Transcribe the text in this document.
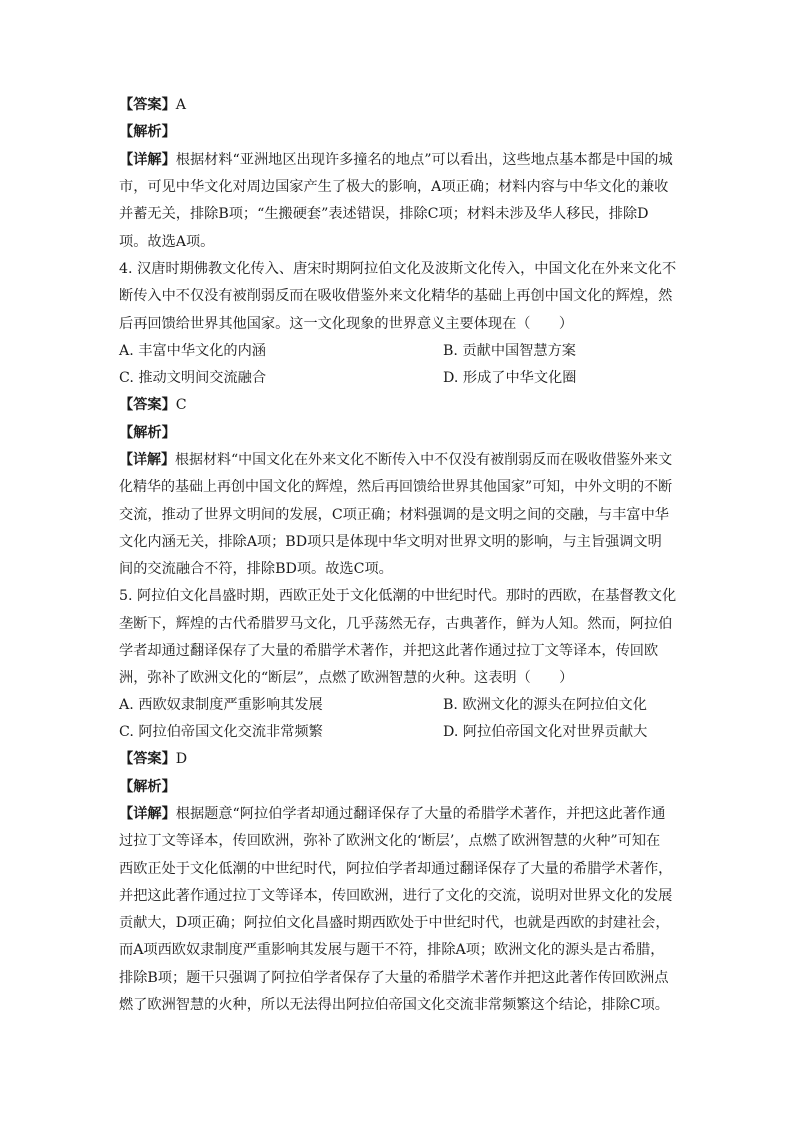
【答案】A
【解析】
【详解】根据材料“亚洲地区出现许多撞名的地点”可以看出，这些地点基本都是中国的城
市，可见中华文化对周边国家产生了极大的影响，A项正确；材料内容与中华文化的兼收
并蓄无关，排除B项；“生搬硬套”表述错误，排除C项；材料未涉及华人移民，排除D
项。故选A项。
4. 汉唐时期佛教文化传入、唐宋时期阿拉伯文化及波斯文化传入，中国文化在外来文化不
断传入中不仅没有被削弱反而在吸收借鉴外来文化精华的基础上再创中国文化的辉煌，然
后再回馈给世界其他国家。这一文化现象的世界意义主要体现在（　　）
A. 丰富中华文化的内涵	B. 贡献中国智慧方案
C. 推动文明间交流融合	D. 形成了中华文化圈
【答案】C
【解析】
【详解】根据材料“中国文化在外来文化不断传入中不仅没有被削弱反而在吸收借鉴外来文
化精华的基础上再创中国文化的辉煌，然后再回馈给世界其他国家”可知，中外文明的不断
交流，推动了世界文明间的发展，C项正确；材料强调的是文明之间的交融，与丰富中华
文化内涵无关，排除A项；BD项只是体现中华文明对世界文明的影响，与主旨强调文明
间的交流融合不符，排除BD项。故选C项。
5. 阿拉伯文化昌盛时期，西欧正处于文化低潮的中世纪时代。那时的西欧，在基督教文化
垄断下，辉煌的古代希腊罗马文化，几乎荡然无存，古典著作，鲜为人知。然而，阿拉伯
学者却通过翻译保存了大量的希腊学术著作，并把这此著作通过拉丁文等译本，传回欧
洲，弥补了欧洲文化的“断层”，点燃了欧洲智慧的火种。这表明（　　）
A. 西欧奴隶制度严重影响其发展	B. 欧洲文化的源头在阿拉伯文化
C. 阿拉伯帝国文化交流非常频繁	D. 阿拉伯帝国文化对世界贡献大
【答案】D
【解析】
【详解】根据题意“阿拉伯学者却通过翻译保存了大量的希腊学术著作，并把这此著作通
过拉丁文等译本，传回欧洲，弥补了欧洲文化的‘断层’，点燃了欧洲智慧的火种”可知在
西欧正处于文化低潮的中世纪时代，阿拉伯学者却通过翻译保存了大量的希腊学术著作，
并把这此著作通过拉丁文等译本，传回欧洲，进行了文化的交流，说明对世界文化的发展
贡献大，D项正确；阿拉伯文化昌盛时期西欧处于中世纪时代，也就是西欧的封建社会，
而A项西欧奴隶制度严重影响其发展与题干不符，排除A项；欧洲文化的源头是古希腊，
排除B项；题干只强调了阿拉伯学者保存了大量的希腊学术著作并把这此著作传回欧洲点
燃了欧洲智慧的火种，所以无法得出阿拉伯帝国文化交流非常频繁这个结论，排除C项。
